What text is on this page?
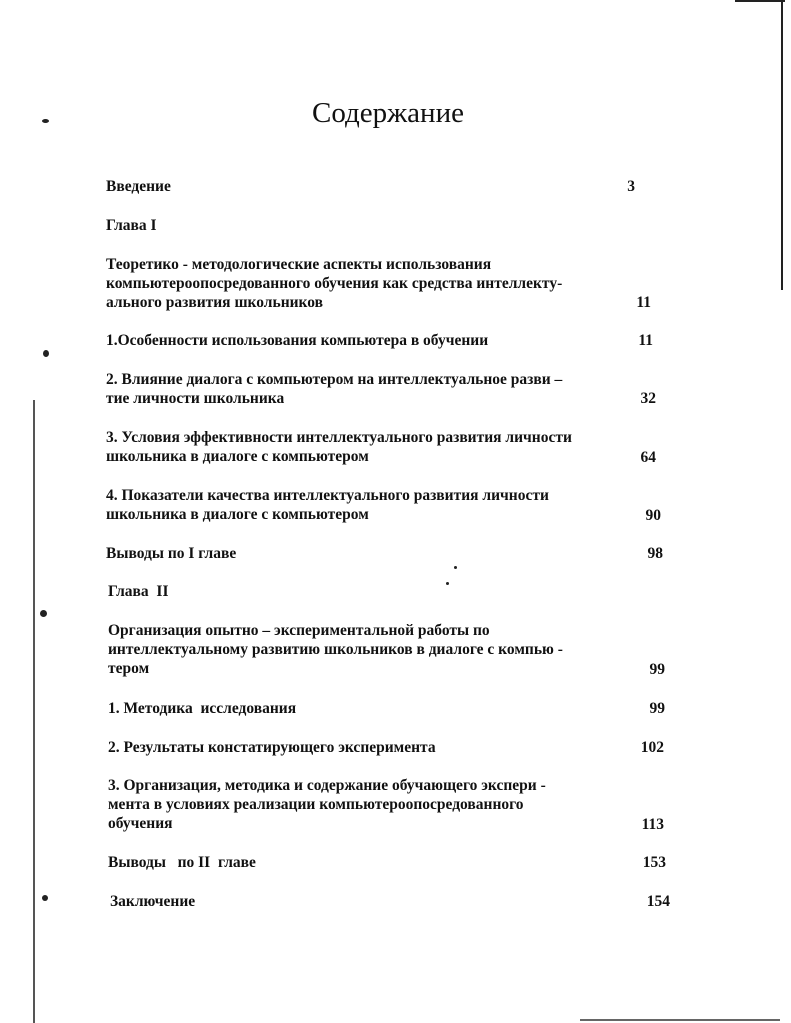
Содержание
Введение	3
Глава I
Теоретико - методологические аспекты использования
компьютероопосредованного обучения как средства интеллекту-
ального развития школьников	11
1.Особенности использования компьютера в обучении	11
2. Влияние диалога с компьютером на интеллектуальное разви –
тие личности школьника	32
3. Условия эффективности интеллектуального развития личности
школьника в диалоге с компьютером	64
4. Показатели качества интеллектуального развития личности
школьника в диалоге с компьютером	90
Выводы по I главе	98
Глава  II
Организация опытно – экспериментальной работы по
интеллектуальному развитию школьников в диалоге с компью -
тером	99
1. Методика  исследования	99
2. Результаты констатирующего эксперимента	102
3. Организация, методика и содержание обучающего экспери -
мента в условиях реализации компьютероопосредованного
обучения	113
Выводы   по II  главе	153
Заключение	154
